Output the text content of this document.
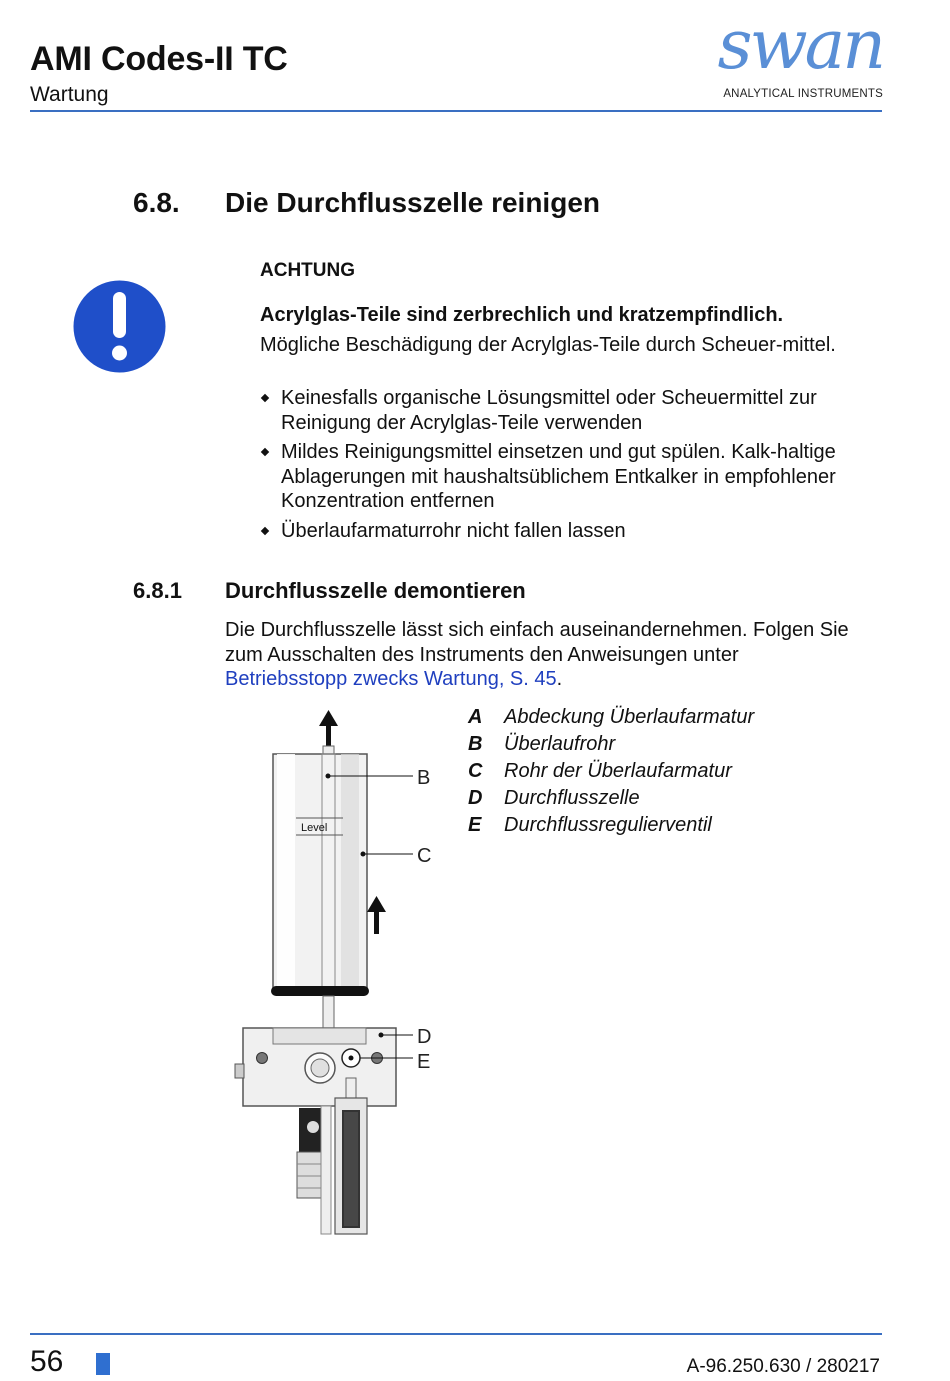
AMI Codes-II TC
Wartung
swan
ANALYTICAL INSTRUMENTS
6.8. Die Durchflusszelle reinigen
ACHTUNG
Acrylglas-Teile sind zerbrechlich und kratzempfindlich.
Mögliche Beschädigung der Acrylglas-Teile durch Scheuer-mittel.
Keinesfalls organische Lösungsmittel oder Scheuermittel zur Reinigung der Acrylglas-Teile verwenden
Mildes Reinigungsmittel einsetzen und gut spülen. Kalk-haltige Ablagerungen mit haushaltsüblichem Entkalker in empfohlener Konzentration entfernen
Überlaufarmaturrohr nicht fallen lassen
6.8.1 Durchflusszelle demontieren
Die Durchflusszelle lässt sich einfach auseinandernehmen. Folgen Sie zum Ausschalten des Instruments den Anweisungen unter Betriebsstopp zwecks Wartung, S. 45.
Level
B
C
D
E
A Abdeckung Überlaufarmatur
B Überlaufrohr
C Rohr der Überlaufarmatur
D Durchflusszelle
E Durchflussregulierventil
56	A-96.250.630 / 280217
